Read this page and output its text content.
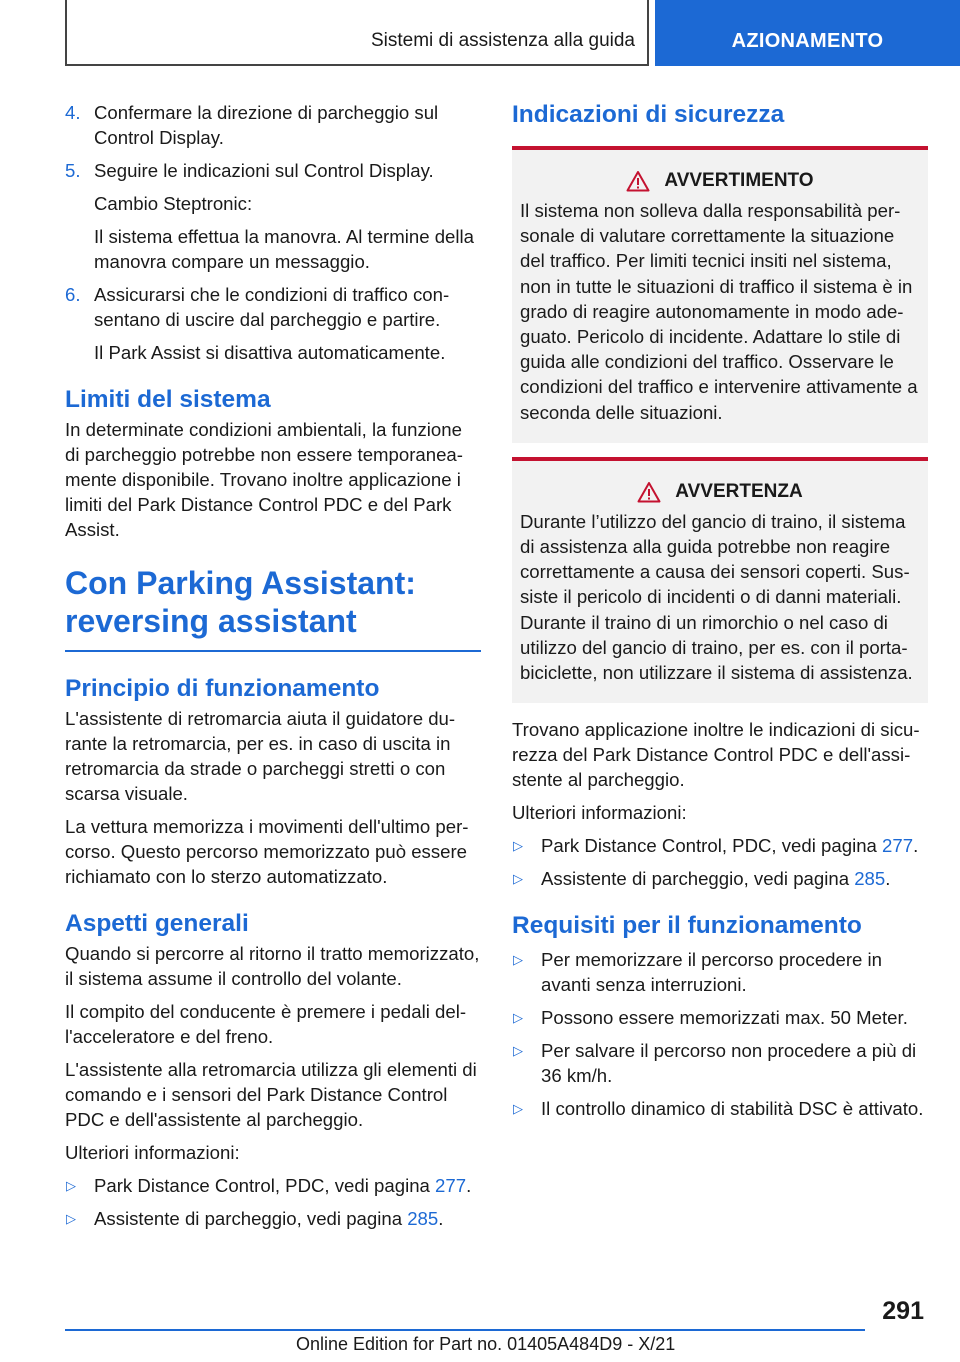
Sistemi di assistenza alla guida	AZIONAMENTO
4. Confermare la direzione di parcheggio sul Control Display.
5. Seguire le indicazioni sul Control Display.
Cambio Steptronic:
Il sistema effettua la manovra. Al termine della manovra compare un messaggio.
6. Assicurarsi che le condizioni di traffico consentano di uscire dal parcheggio e partire.
Il Park Assist si disattiva automaticamente.
Limiti del sistema

In determinate condizioni ambientali, la funzione di parcheggio potrebbe non essere temporaneamente disponibile. Trovano inoltre applicazione i limiti del Park Distance Control PDC e del Park Assist.

Con Parking Assistant: reversing assistant
Principio di funzionamento

L'assistente di retromarcia aiuta il guidatore durante la retromarcia, per es. in caso di uscita in retromarcia da strade o parcheggi stretti o con scarsa visuale.

La vettura memorizza i movimenti dell'ultimo percorso. Questo percorso memorizzato può essere richiamato con lo sterzo automatizzato.

Aspetti generali

Quando si percorre al ritorno il tratto memorizzato, il sistema assume il controllo del volante.

Il compito del conducente è premere i pedali dell'acceleratore e del freno.

L'assistente alla retromarcia utilizza gli elementi di comando e i sensori del Park Distance Control PDC e dell'assistente al parcheggio.

Ulteriori informazioni:

▷ Park Distance Control, PDC, vedi pagina 277.
▷ Assistente di parcheggio, vedi pagina 285.
Indicazioni di sicurezza
AVVERTIMENTO

Il sistema non solleva dalla responsabilità personale di valutare correttamente la situazione del traffico. Per limiti tecnici insiti nel sistema, non in tutte le situazioni di traffico il sistema è in grado di reagire autonomamente in modo adeguato. Pericolo di incidente. Adattare lo stile di guida alle condizioni del traffico. Osservare le condizioni del traffico e intervenire attivamente a seconda delle situazioni.

AVVERTENZA

Durante l’utilizzo del gancio di traino, il sistema di assistenza alla guida potrebbe non reagire correttamente a causa dei sensori coperti. Sussiste il pericolo di incidenti o di danni materiali. Durante il traino di un rimorchio o nel caso di utilizzo del gancio di traino, per es. con il portabiciclette, non utilizzare il sistema di assistenza.

Trovano applicazione inoltre le indicazioni di sicurezza del Park Distance Control PDC e dell'assistente al parcheggio.

Ulteriori informazioni:

▷ Park Distance Control, PDC, vedi pagina 277.
▷ Assistente di parcheggio, vedi pagina 285.
Requisiti per il funzionamento
▷ Per memorizzare il percorso procedere in avanti senza interruzioni.
▷ Possono essere memorizzati max. 50 Meter.
▷ Per salvare il percorso non procedere a più di 36 km/h.
▷ Il controllo dinamico di stabilità DSC è attivato.
291
Online Edition for Part no. 01405A484D9 - X/21
